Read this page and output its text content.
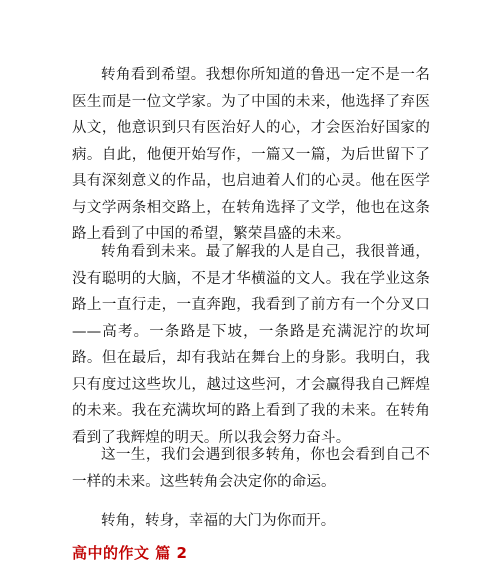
转角看到希望。我想你所知道的鲁迅一定不是一名医生而是一位文学家。为了中国的未来，他选择了弃医从文，他意识到只有医治好人的心，才会医治好国家的病。自此，他便开始写作，一篇又一篇，为后世留下了具有深刻意义的作品，也启迪着人们的心灵。他在医学与文学两条相交路上，在转角选择了文学，他也在这条路上看到了中国的希望，繁荣昌盛的未来。

转角看到未来。最了解我的人是自己，我很普通，没有聪明的大脑，不是才华横溢的文人。我在学业这条路上一直行走，一直奔跑，我看到了前方有一个分叉口——高考。一条路是下坡，一条路是充满泥泞的坎坷路。但在最后，却有我站在舞台上的身影。我明白，我只有度过这些坎儿，越过这些河，才会赢得我自己辉煌的未来。我在充满坎坷的路上看到了我的未来。在转角看到了我辉煌的明天。所以我会努力奋斗。

这一生，我们会遇到很多转角，你也会看到自己不一样的未来。这些转角会决定你的命运。

转角，转身，幸福的大门为你而开。

高中的作文 篇 2
